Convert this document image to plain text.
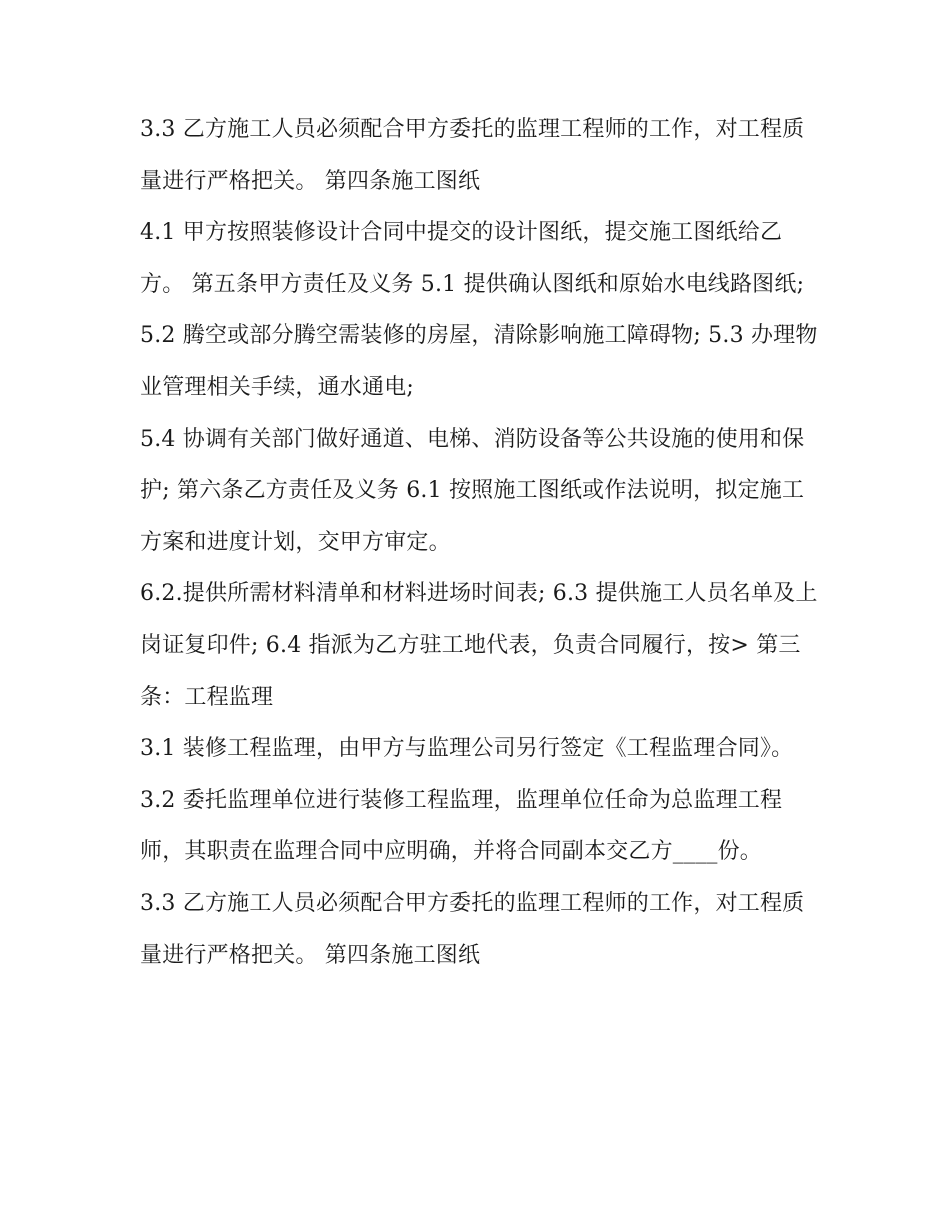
3.3 乙方施工人员必须配合甲方委托的监理工程师的工作，对工程质量进行严格把关。 第四条施工图纸

4.1 甲方按照装修设计合同中提交的设计图纸，提交施工图纸给乙方。 第五条甲方责任及义务 5.1 提供确认图纸和原始水电线路图纸;

5.2 腾空或部分腾空需装修的房屋，清除影响施工障碍物; 5.3 办理物业管理相关手续，通水通电;

5.4 协调有关部门做好通道、电梯、消防设备等公共设施的使用和保护; 第六条乙方责任及义务 6.1 按照施工图纸或作法说明，拟定施工方案和进度计划，交甲方审定。

6.2.提供所需材料清单和材料进场时间表; 6.3 提供施工人员名单及上岗证复印件; 6.4 指派为乙方驻工地代表，负责合同履行，按> 第三条：工程监理

3.1 装修工程监理，由甲方与监理公司另行签定《工程监理合同》。

3.2 委托监理单位进行装修工程监理，监理单位任命为总监理工程师，其职责在监理合同中应明确，并将合同副本交乙方____份。

3.3 乙方施工人员必须配合甲方委托的监理工程师的工作，对工程质量进行严格把关。 第四条施工图纸
